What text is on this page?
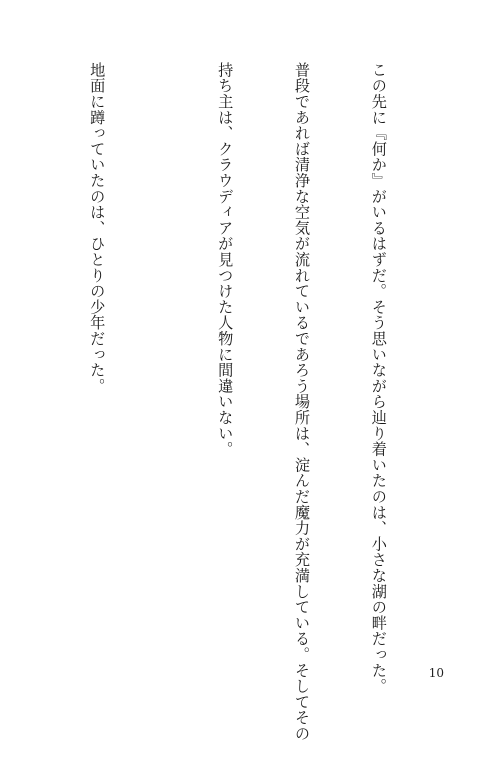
この先に『何か』がいるはずだ。そう思いながら辿り着いたのは、小さな湖の畔だった。

普段であれば清浄な空気が流れているであろう場所は、淀んだ魔力が充満している。そしてその

持ち主は、クラウディアが見つけた人物に間違いない。

地面に蹲っていたのは、ひとりの少年だった。

10
